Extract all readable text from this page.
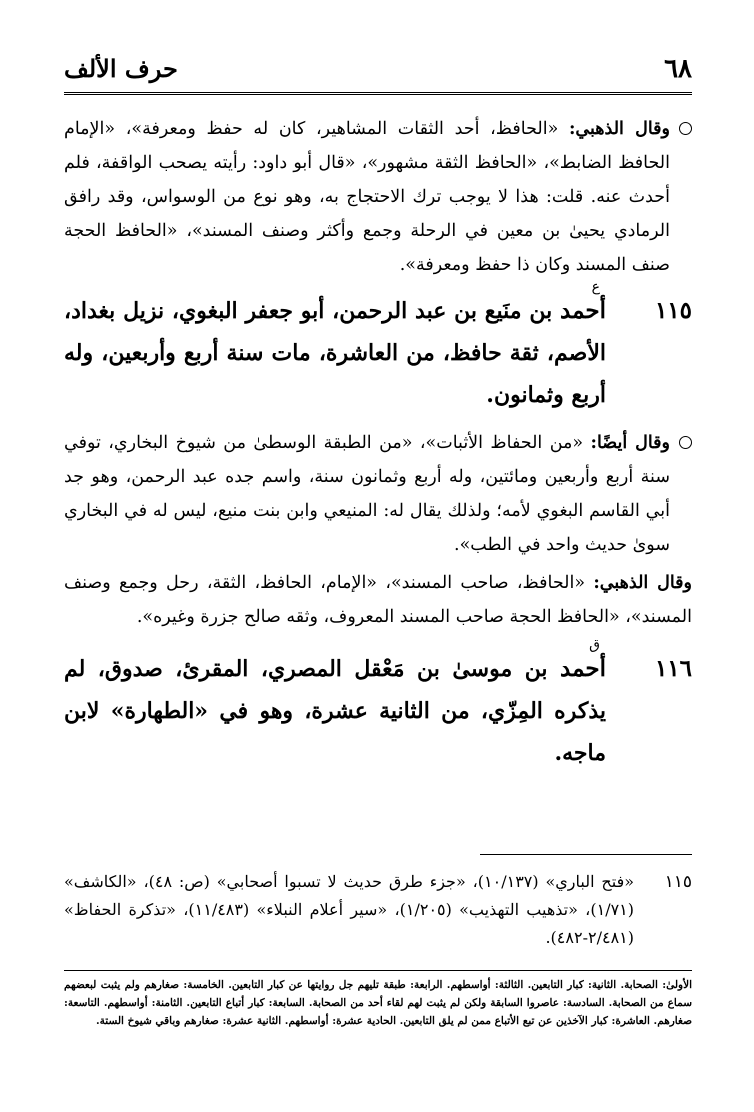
٦٨
حرف الألف

وقال الذهبي: «الحافظ، أحد الثقات المشاهير، كان له حفظ ومعرفة»، «الإمام الحافظ الضابط»، «الحافظ الثقة مشهور»، «قال أبو داود: رأيته يصحب الواقفة، فلم أحدث عنه. قلت: هذا لا يوجب ترك الاحتجاج به، وهو نوع من الوسواس، وقد رافق الرمادي يحيىٰ بن معين في الرحلة وجمع وأكثر وصنف المسند»، «الحافظ الحجة صنف المسند وكان ذا حفظ ومعرفة».

١١٥
ع
أحمد بن منَيع بن عبد الرحمن، أبو جعفر البغوي، نزيل بغداد، الأصم، ثقة حافظ، من العاشرة، مات سنة أربع وأربعين، وله أربع وثمانون.

وقال أيضًا: «من الحفاظ الأثبات»، «من الطبقة الوسطىٰ من شيوخ البخاري، توفي سنة أربع وأربعين ومائتين، وله أربع وثمانون سنة، واسم جده عبد الرحمن، وهو جد أبي القاسم البغوي لأمه؛ ولذلك يقال له: المنيعي وابن بنت منيع، ليس له في البخاري سوىٰ حديث واحد في الطب».

وقال الذهبي: «الحافظ، صاحب المسند»، «الإمام، الحافظ، الثقة، رحل وجمع وصنف المسند»، «الحافظ الحجة صاحب المسند المعروف، وثقه صالح جزرة وغيره».

١١٦
ق
أحمد بن موسىٰ بن مَعْقل المصري، المقرئ، صدوق، لم يذكره المِزّي، من الثانية عشرة، وهو في «الطهارة» لابن ماجه.
١١٥
«فتح الباري» (١٠/١٣٧)، «جزء طرق حديث لا تسبوا أصحابي» (ص: ٤٨)، «الكاشف» (١/٧١)، «تذهيب التهذيب» (١/٢٠٥)، «سير أعلام النبلاء» (١١/٤٨٣)، «تذكرة الحفاظ» (٢/٤٨١-٤٨٢).
الأولىٰ: الصحابة. الثانية: كبار التابعين. الثالثة: أواسطهم. الرابعة: طبقة تليهم جل روايتها عن كبار التابعين. الخامسة: صغارهم ولم يثبت لبعضهم سماع من الصحابة. السادسة: عاصروا السابقة ولكن لم يثبت لهم لقاء أحد من الصحابة. السابعة: كبار أتباع التابعين. الثامنة: أواسطهم. التاسعة: صغارهم. العاشرة: كبار الآخذين عن تبع الأتباع ممن لم يلق التابعين. الحادية عشرة: أواسطهم. الثانية عشرة: صغارهم وباقي شيوخ الستة.
